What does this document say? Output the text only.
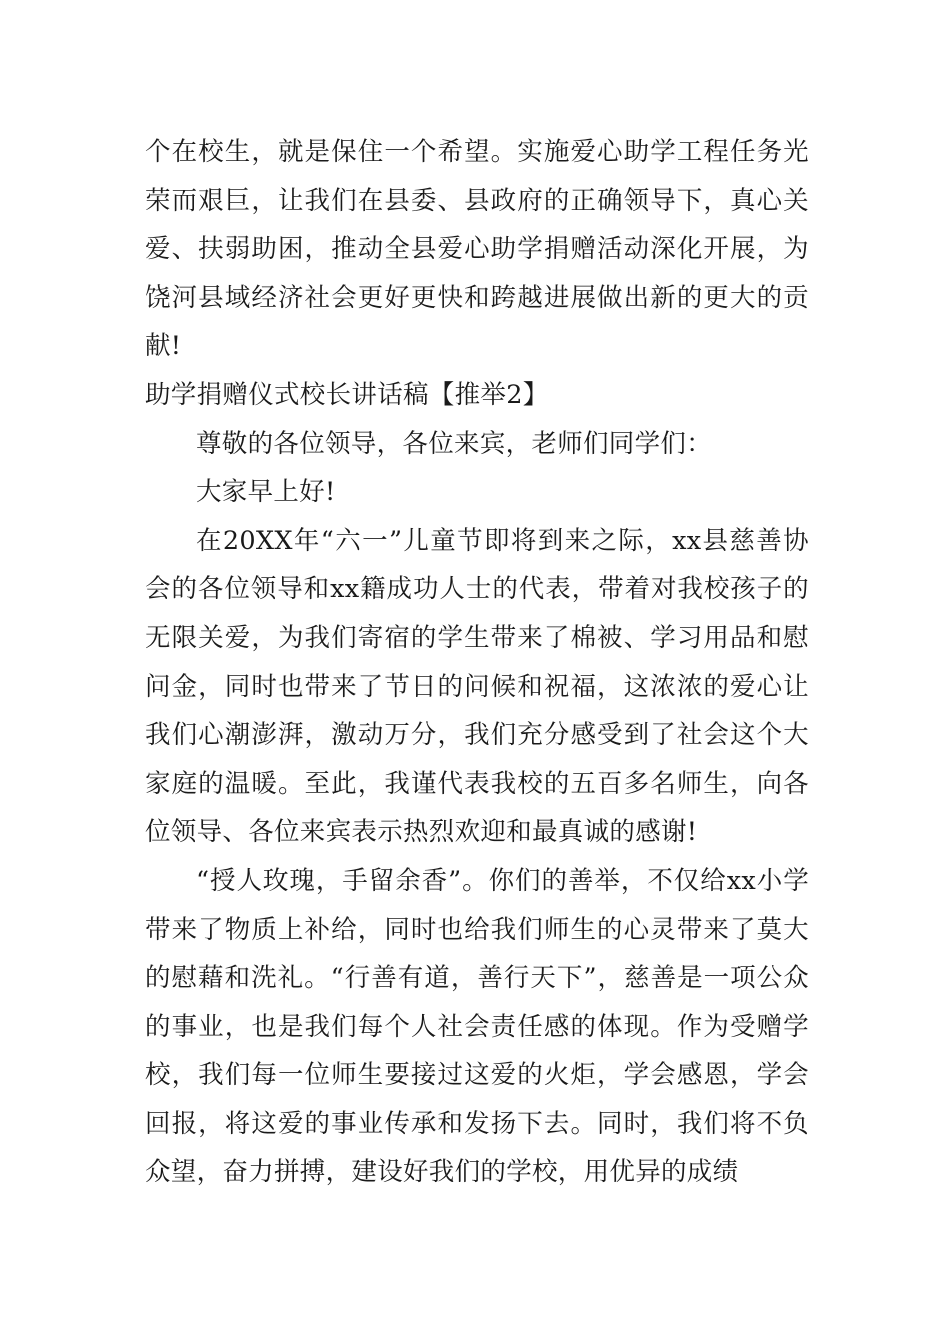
个在校生，就是保住一个希望。实施爱心助学工程任务光荣而艰巨，让我们在县委、县政府的正确领导下，真心关爱、扶弱助困，推动全县爱心助学捐赠活动深化开展，为饶河县域经济社会更好更快和跨越进展做出新的更大的贡献!

助学捐赠仪式校长讲话稿【推举2】

尊敬的各位领导，各位来宾，老师们同学们：

大家早上好!

在20XX年“六一”儿童节即将到来之际，xx县慈善协会的各位领导和xx籍成功人士的代表，带着对我校孩子的无限关爱，为我们寄宿的学生带来了棉被、学习用品和慰问金，同时也带来了节日的问候和祝福，这浓浓的爱心让我们心潮澎湃，激动万分，我们充分感受到了社会这个大家庭的温暖。至此，我谨代表我校的五百多名师生，向各位领导、各位来宾表示热烈欢迎和最真诚的感谢!

“授人玫瑰，手留余香”。你们的善举，不仅给xx小学带来了物质上补给，同时也给我们师生的心灵带来了莫大的慰藉和洗礼。“行善有道，善行天下”，慈善是一项公众的事业，也是我们每个人社会责任感的体现。作为受赠学校，我们每一位师生要接过这爱的火炬，学会感恩，学会回报，将这爱的事业传承和发扬下去。同时，我们将不负众望，奋力拼搏，建设好我们的学校，用优异的成绩
